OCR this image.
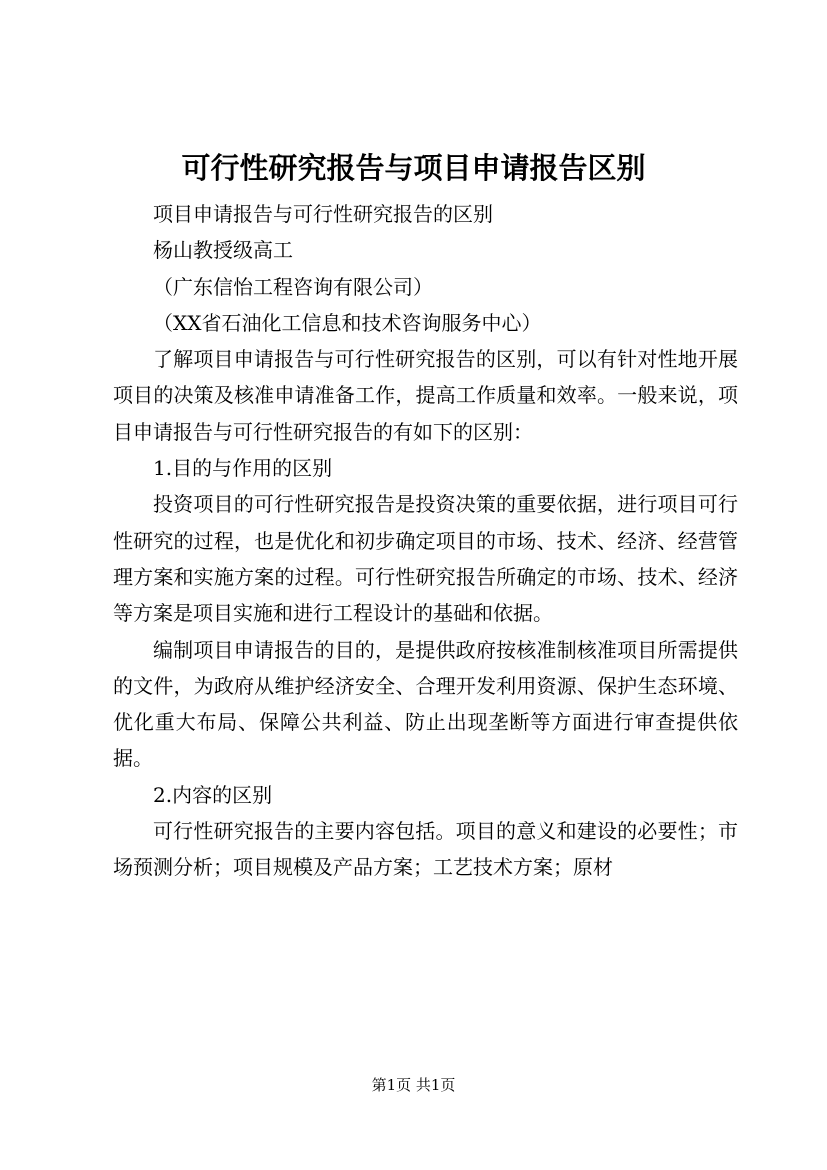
可行性研究报告与项目申请报告区别

项目申请报告与可行性研究报告的区别

杨山教授级高工

（广东信怡工程咨询有限公司）

（XX省石油化工信息和技术咨询服务中心）

了解项目申请报告与可行性研究报告的区别，可以有针对性地开展项目的决策及核准申请准备工作，提高工作质量和效率。一般来说，项目申请报告与可行性研究报告的有如下的区别：

1.目的与作用的区别

投资项目的可行性研究报告是投资决策的重要依据，进行项目可行性研究的过程，也是优化和初步确定项目的市场、技术、经济、经营管理方案和实施方案的过程。可行性研究报告所确定的市场、技术、经济等方案是项目实施和进行工程设计的基础和依据。

编制项目申请报告的目的，是提供政府按核准制核准项目所需提供的文件，为政府从维护经济安全、合理开发利用资源、保护生态环境、优化重大布局、保障公共利益、防止出现垄断等方面进行审查提供依据。

2.内容的区别

可行性研究报告的主要内容包括。项目的意义和建设的必要性；市场预测分析；项目规模及产品方案；工艺技术方案；原材

第1页 共1页
